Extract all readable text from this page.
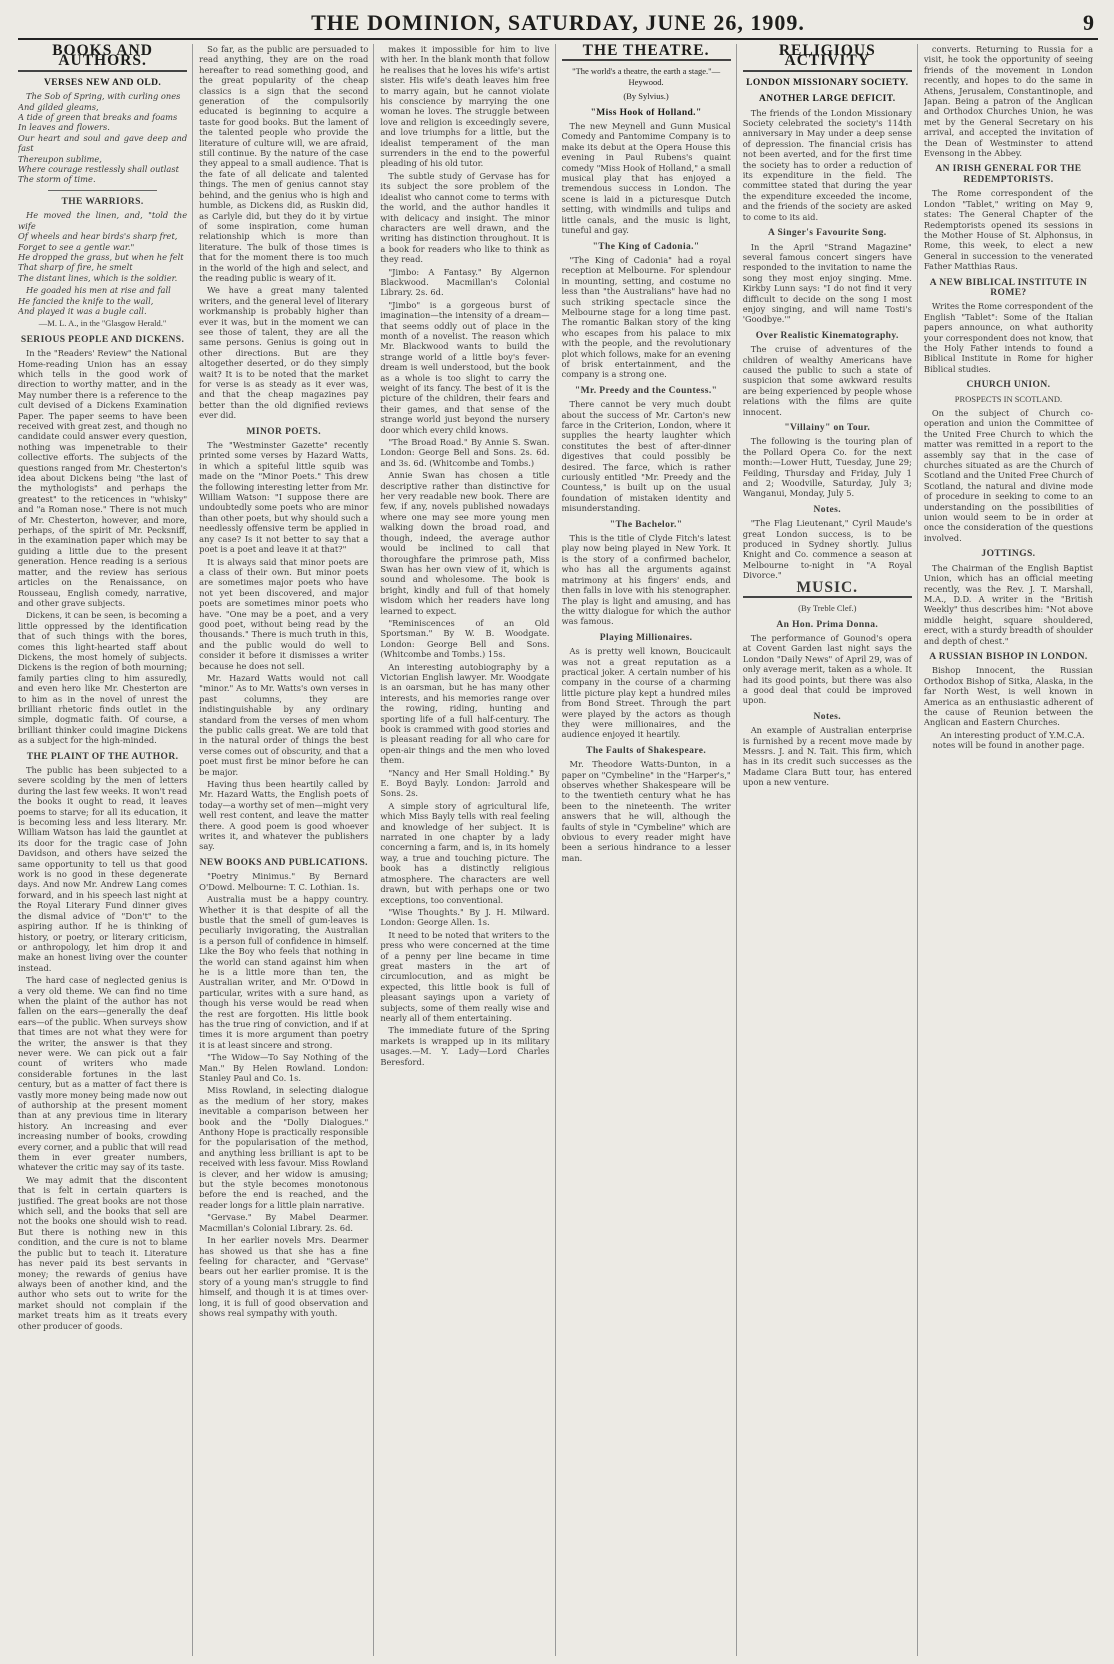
THE DOMINION, SATURDAY, JUNE 26, 1909.	9
BOOKS AND AUTHORS.
VERSES NEW AND OLD.

The Sob of Spring, with curling ones
And gilded gleams,
A tide of green that breaks and foams
In leaves and flowers.
Our heart and soul and gave deep and fast
Thereupon sublime,
Where courage restlessly shall outlast
The storm of time.

THE WARRIORS.

He moved the linen, and, "told the wife
Of wheels and hear birds's sharp fret,
Forget to see a gentle war."
He dropped the grass, but when he felt
That sharp of fire, he smelt
The distant lines, which is the soldier.

He goaded his men at rise and fall
He fancied the knife to the wall,
And played it was a bugle call.

—M. L. A., in the "Glasgow Herald."
SERIOUS PEOPLE AND DICKENS.

In the "Readers' Review" the National Home-reading Union has an essay which tells in the good work of direction to worthy matter, and in the May number there is a reference to the cult devised of a Dickens Examination Paper. The paper seems to have been received with great zest, and though no candidate could answer every question, nothing was impenetrable to their collective efforts. The subjects of the questions ranged from Mr. Chesterton's idea about Dickens being "the last of the mythologists" and perhaps the greatest" to the reticences in "whisky" and "a Roman nose." There is not much of Mr. Chesterton, however, and more, perhaps, of the spirit of Mr. Pecksniff, in the examination paper which may be guiding a little due to the present generation. Hence reading is a serious matter, and the review has serious articles on the Renaissance, on Rousseau, English comedy, narrative, and other grave subjects.

Dickens, it can be seen, is becoming a little oppressed by the identification that of such things with the bores, comes this light-hearted staff about Dickens, the most homely of subjects. Dickens is the region of both mourning; family parties cling to him assuredly, and even hero like Mr. Chesterton are to him as in the novel of unrest the brilliant rhetoric finds outlet in the simple, dogmatic faith. Of course, a brilliant thinker could imagine Dickens as a subject for the high-minded.

THE PLAINT OF THE AUTHOR.

The public has been subjected to a severe scolding by the men of letters during the last few weeks. It won't read the books it ought to read, it leaves poems to starve; for all its education, it is becoming less and less literary. Mr. William Watson has laid the gauntlet at its door for the tragic case of John Davidson, and others have seized the same opportunity to tell us that good work is no good in these degenerate days. And now Mr. Andrew Lang comes forward, and in his speech last night at the Royal Literary Fund dinner gives the dismal advice of "Don't" to the aspiring author. If he is thinking of history, or poetry, or literary criticism, or anthropology, let him drop it and make an honest living over the counter instead.

The hard case of neglected genius is a very old theme. We can find no time when the plaint of the author has not fallen on the ears—generally the deaf ears—of the public. When surveys show that times are not what they were for the writer, the answer is that they never were. We can pick out a fair count of writers who made considerable fortunes in the last century, but as a matter of fact there is vastly more money being made now out of authorship at the present moment than at any previous time in literary history. An increasing and ever increasing number of books, crowding every corner, and a public that will read them in ever greater numbers, whatever the critic may say of its taste.

We may admit that the discontent that is felt in certain quarters is justified. The great books are not those which sell, and the books that sell are not the books one should wish to read. But there is nothing new in this condition, and the cure is not to blame the public but to teach it. Literature has never paid its best servants in money; the rewards of genius have always been of another kind, and the author who sets out to write for the market should not complain if the market treats him as it treats every other producer of goods.

So far, as the public are persuaded to read anything, they are on the road hereafter to read something good, and the great popularity of the cheap classics is a sign that the second generation of the compulsorily educated is beginning to acquire a taste for good books. But the lament of the talented people who provide the literature of culture will, we are afraid, still continue. By the nature of the case they appeal to a small audience. That is the fate of all delicate and talented things. The men of genius cannot stay behind, and the genius who is high and humble, as Dickens did, as Ruskin did, as Carlyle did, but they do it by virtue of some inspiration, come human relationship which is more than literature. The bulk of those times is that for the moment there is too much in the world of the high and select, and the reading public is weary of it.

We have a great many talented writers, and the general level of literary workmanship is probably higher than ever it was, but in the moment we can see those of talent, they are all the same persons. Genius is going out in other directions. But are they altogether deserted, or do they simply wait? It is to be noted that the market for verse is as steady as it ever was, and that the cheap magazines pay better than the old dignified reviews ever did.

MINOR POETS.

The "Westminster Gazette" recently printed some verses by Hazard Watts, in which a spiteful little squib was made on the "Minor Poets." This drew the following interesting letter from Mr. William Watson: "I suppose there are undoubtedly some poets who are minor than other poets, but why should such a needlessly offensive term be applied in any case? Is it not better to say that a poet is a poet and leave it at that?"

It is always said that minor poets are a class of their own. But minor poets are sometimes major poets who have not yet been discovered, and major poets are sometimes minor poets who have. "One may be a poet, and a very good poet, without being read by the thousands." There is much truth in this, and the public would do well to consider it before it dismisses a writer because he does not sell.

Mr. Hazard Watts would not call "minor." As to Mr. Watts's own verses in past columns, they are indistinguishable by any ordinary standard from the verses of men whom the public calls great. We are told that in the natural order of things the best verse comes out of obscurity, and that a poet must first be minor before he can be major.

Having thus been heartily called by Mr. Hazard Watts, the English poets of today—a worthy set of men—might very well rest content, and leave the matter there. A good poem is good whoever writes it, and whatever the publishers say.

NEW BOOKS AND PUBLICATIONS.

"Poetry Minimus." By Bernard O'Dowd. Melbourne: T. C. Lothian. 1s.

Australia must be a happy country. Whether it is that despite of all the bustle that the smell of gum-leaves is peculiarly invigorating, the Australian is a person full of confidence in himself. Like the Boy who feels that nothing in the world can stand against him when he is a little more than ten, the Australian writer, and Mr. O'Dowd in particular, writes with a sure hand, as though his verse would be read when the rest are forgotten. His little book has the true ring of conviction, and if at times it is more argument than poetry it is at least sincere and strong.

"The Widow—To Say Nothing of the Man." By Helen Rowland. London: Stanley Paul and Co. 1s.

Miss Rowland, in selecting dialogue as the medium of her story, makes inevitable a comparison between her book and the "Dolly Dialogues." Anthony Hope is practically responsible for the popularisation of the method, and anything less brilliant is apt to be received with less favour. Miss Rowland is clever, and her widow is amusing; but the style becomes monotonous before the end is reached, and the reader longs for a little plain narrative.

"Gervase." By Mabel Dearmer. Macmillan's Colonial Library. 2s. 6d.

In her earlier novels Mrs. Dearmer has showed us that she has a fine feeling for character, and "Gervase" bears out her earlier promise. It is the story of a young man's struggle to find himself, and though it is at times over-long, it is full of good observation and shows real sympathy with youth.

makes it impossible for him to live with her. In the blank month that follow he realises that he loves his wife's artist sister. His wife's death leaves him free to marry again, but he cannot violate his conscience by marrying the one woman he loves. The struggle between love and religion is exceedingly severe, and love triumphs for a little, but the idealist temperament of the man surrenders in the end to the powerful pleading of his old tutor.

The subtle study of Gervase has for its subject the sore problem of the idealist who cannot come to terms with the world, and the author handles it with delicacy and insight. The minor characters are well drawn, and the writing has distinction throughout. It is a book for readers who like to think as they read.

"Jimbo: A Fantasy." By Algernon Blackwood. Macmillan's Colonial Library. 2s. 6d.

"Jimbo" is a gorgeous burst of imagination—the intensity of a dream—that seems oddly out of place in the month of a novelist. The reason which Mr. Blackwood wants to build the strange world of a little boy's fever-dream is well understood, but the book as a whole is too slight to carry the weight of its fancy. The best of it is the picture of the children, their fears and their games, and that sense of the strange world just beyond the nursery door which every child knows.

"The Broad Road." By Annie S. Swan. London: George Bell and Sons. 2s. 6d. and 3s. 6d. (Whitcombe and Tombs.)

Annie Swan has chosen a title descriptive rather than distinctive for her very readable new book. There are few, if any, novels published nowadays where one may see more young men walking down the broad road, and though, indeed, the average author would be inclined to call that thoroughfare the primrose path, Miss Swan has her own view of it, which is sound and wholesome. The book is bright, kindly and full of that homely wisdom which her readers have long learned to expect.

"Reminiscences of an Old Sportsman." By W. B. Woodgate. London: George Bell and Sons. (Whitcombe and Tombs.) 15s.

An interesting autobiography by a Victorian English lawyer. Mr. Woodgate is an oarsman, but he has many other interests, and his memories range over the rowing, riding, hunting and sporting life of a full half-century. The book is crammed with good stories and is pleasant reading for all who care for open-air things and the men who loved them.

"Nancy and Her Small Holding." By E. Boyd Bayly. London: Jarrold and Sons. 2s.

A simple story of agricultural life, which Miss Bayly tells with real feeling and knowledge of her subject. It is narrated in one chapter by a lady concerning a farm, and is, in its homely way, a true and touching picture. The book has a distinctly religious atmosphere. The characters are well drawn, but with perhaps one or two exceptions, too conventional.

"Wise Thoughts." By J. H. Milward. London: George Allen. 1s.

It need to be noted that writers to the press who were concerned at the time of a penny per line became in time great masters in the art of circumlocution, and as might be expected, this little book is full of pleasant sayings upon a variety of subjects, some of them really wise and nearly all of them entertaining.

The immediate future of the Spring markets is wrapped up in its military usages.—M. Y. Lady—Lord Charles Beresford.

THE THEATRE.
"The world's a theatre, the earth a stage."—Heywood.
(By Sylvius.)
"Miss Hook of Holland."

The new Meynell and Gunn Musical Comedy and Pantomime Company is to make its debut at the Opera House this evening in Paul Rubens's quaint comedy "Miss Hook of Holland," a small musical play that has enjoyed a tremendous success in London. The scene is laid in a picturesque Dutch setting, with windmills and tulips and little canals, and the music is light, tuneful and gay.

"The King of Cadonia."

"The King of Cadonia" had a royal reception at Melbourne. For splendour in mounting, setting, and costume no less than "the Australians" have had no such striking spectacle since the Melbourne stage for a long time past. The romantic Balkan story of the king who escapes from his palace to mix with the people, and the revolutionary plot which follows, make for an evening of brisk entertainment, and the company is a strong one.

"Mr. Preedy and the Countess."

There cannot be very much doubt about the success of Mr. Carton's new farce in the Criterion, London, where it supplies the hearty laughter which constitutes the best of after-dinner digestives that could possibly be desired. The farce, which is rather curiously entitled "Mr. Preedy and the Countess," is built up on the usual foundation of mistaken identity and misunderstanding.

"The Bachelor."

This is the title of Clyde Fitch's latest play now being played in New York. It is the story of a confirmed bachelor, who has all the arguments against matrimony at his fingers' ends, and then falls in love with his stenographer. The play is light and amusing, and has the witty dialogue for which the author was famous.

Playing Millionaires.

As is pretty well known, Boucicault was not a great reputation as a practical joker. A certain number of his company in the course of a charming little picture play kept a hundred miles from Bond Street. Through the part were played by the actors as though they were millionaires, and the audience enjoyed it heartily.

The Faults of Shakespeare.

Mr. Theodore Watts-Dunton, in a paper on "Cymbeline" in the "Harper's," observes whether Shakespeare will be to the twentieth century what he has been to the nineteenth. The writer answers that he will, although the faults of style in "Cymbeline" which are obvious to every reader might have been a serious hindrance to a lesser man.

RELIGIOUS ACTIVITY
LONDON MISSIONARY SOCIETY.
ANOTHER LARGE DEFICIT.

The friends of the London Missionary Society celebrated the society's 114th anniversary in May under a deep sense of depression. The financial crisis has not been averted, and for the first time the society has to order a reduction of its expenditure in the field. The committee stated that during the year the expenditure exceeded the income, and the friends of the society are asked to come to its aid.

A Singer's Favourite Song.

In the April "Strand Magazine" several famous concert singers have responded to the invitation to name the song they most enjoy singing. Mme. Kirkby Lunn says: "I do not find it very difficult to decide on the song I most enjoy singing, and will name Tosti's 'Goodbye.'"

Over Realistic Kinematography.

The cruise of adventures of the children of wealthy Americans have caused the public to such a state of suspicion that some awkward results are being experienced by people whose relations with the films are quite innocent.

"Villainy" on Tour.

The following is the touring plan of the Pollard Opera Co. for the next month:—Lower Hutt, Tuesday, June 29; Feilding, Thursday and Friday, July 1 and 2; Woodville, Saturday, July 3; Wanganui, Monday, July 5.

Notes.

"The Flag Lieutenant," Cyril Maude's great London success, is to be produced in Sydney shortly. Julius Knight and Co. commence a season at Melbourne to-night in "A Royal Divorce."

MUSIC.
(By Treble Clef.)
An Hon. Prima Donna.

The performance of Gounod's opera at Covent Garden last night says the London "Daily News" of April 29, was of only average merit, taken as a whole. It had its good points, but there was also a good deal that could be improved upon.

Notes.

An example of Australian enterprise is furnished by a recent move made by Messrs. J. and N. Tait. This firm, which has in its credit such successes as the Madame Clara Butt tour, has entered upon a new venture.

converts. Returning to Russia for a visit, he took the opportunity of seeing friends of the movement in London recently, and hopes to do the same in Athens, Jerusalem, Constantinople, and Japan. Being a patron of the Anglican and Orthodox Churches Union, he was met by the General Secretary on his arrival, and accepted the invitation of the Dean of Westminster to attend Evensong in the Abbey.

AN IRISH GENERAL FOR THE REDEMPTORISTS.

The Rome correspondent of the London "Tablet," writing on May 9, states: The General Chapter of the Redemptorists opened its sessions in the Mother House of St. Alphonsus, in Rome, this week, to elect a new General in succession to the venerated Father Matthias Raus.

A NEW BIBLICAL INSTITUTE IN ROME?

Writes the Rome correspondent of the English "Tablet": Some of the Italian papers announce, on what authority your correspondent does not know, that the Holy Father intends to found a Biblical Institute in Rome for higher Biblical studies.

CHURCH UNION.
PROSPECTS IN SCOTLAND.

On the subject of Church co-operation and union the Committee of the United Free Church to which the matter was remitted in a report to the assembly say that in the case of churches situated as are the Church of Scotland and the United Free Church of Scotland, the natural and divine mode of procedure in seeking to come to an understanding on the possibilities of union would seem to be in order at once the consideration of the questions involved.

JOTTINGS.

The Chairman of the English Baptist Union, which has an official meeting recently, was the Rev. J. T. Marshall, M.A., D.D. A writer in the "British Weekly" thus describes him: "Not above middle height, square shouldered, erect, with a sturdy breadth of shoulder and depth of chest."

A RUSSIAN BISHOP IN LONDON.

Bishop Innocent, the Russian Orthodox Bishop of Sitka, Alaska, in the far North West, is well known in America as an enthusiastic adherent of the cause of Reunion between the Anglican and Eastern Churches.

An interesting product of Y.M.C.A. notes will be found in another page.
